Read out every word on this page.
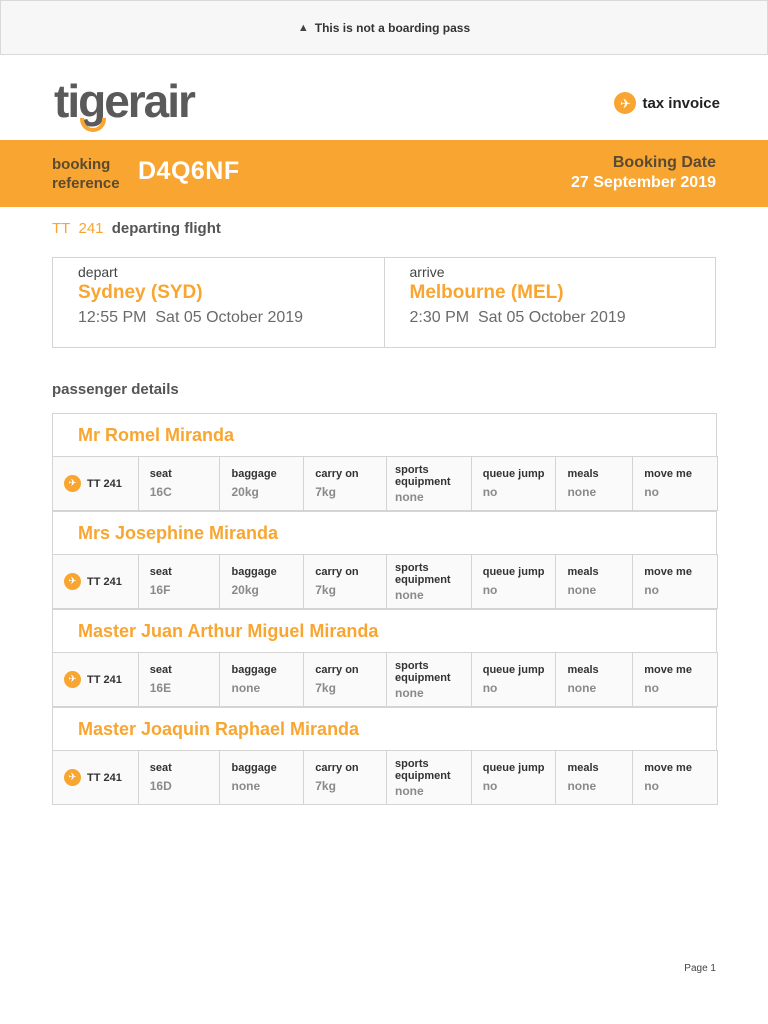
▲ This is not a boarding pass
tigerair	✈ tax invoice
booking
reference D4Q6NF	Booking Date
27 September 2019
TT 241 departing flight
depart
Sydney (SYD)
12:55 PM Sat 05 October 2019
arrive
Melbourne (MEL)
2:30 PM Sat 05 October 2019
passenger details
Mr Romel Miranda
✈ TT 241
seat
16C
baggage
20kg
carry on
7kg
sports
equipment
none
queue jump
no
meals
none
move me
no
Mrs Josephine Miranda
✈ TT 241
seat
16F
baggage
20kg
carry on
7kg
sports
equipment
none
queue jump
no
meals
none
move me
no
Master Juan Arthur Miguel Miranda
✈ TT 241
seat
16E
baggage
none
carry on
7kg
sports
equipment
none
queue jump
no
meals
none
move me
no
Master Joaquin Raphael Miranda
✈ TT 241
seat
16D
baggage
none
carry on
7kg
sports
equipment
none
queue jump
no
meals
none
move me
no
Page 1
